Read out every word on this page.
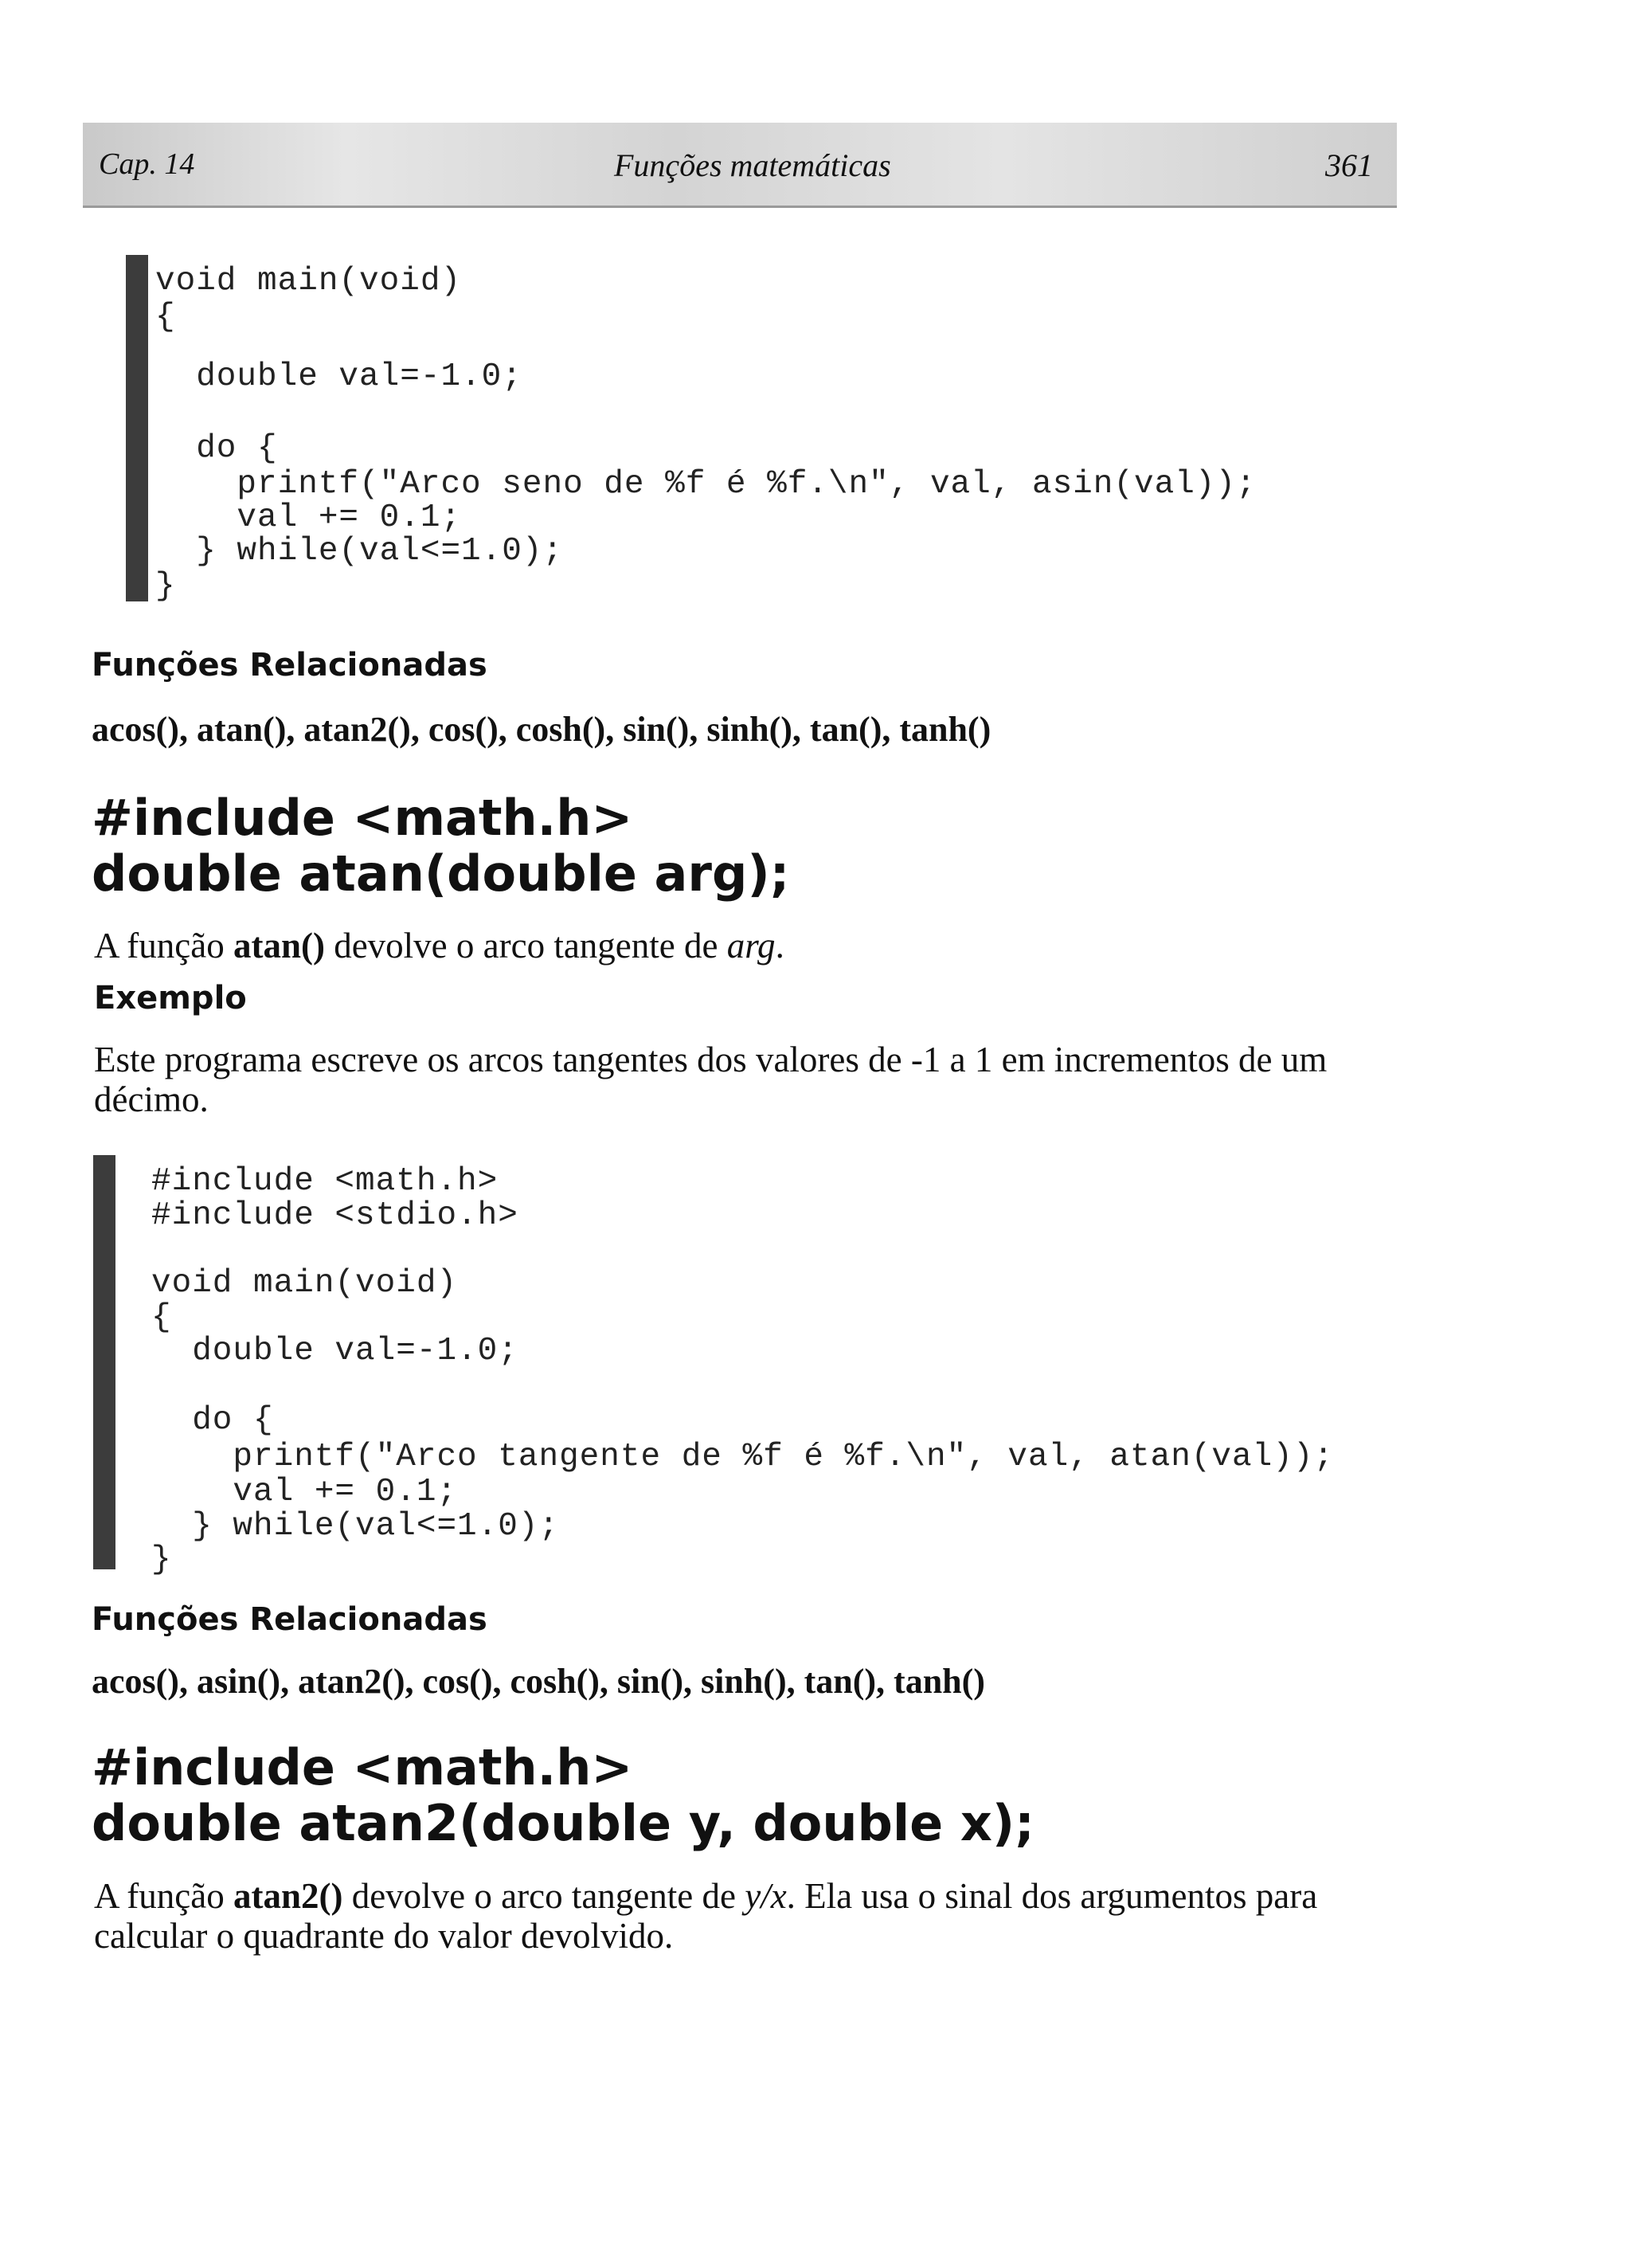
Cap. 14	Funções matemáticas	361
void main(void)
{
double val=-1.0;
do {
printf("Arco seno de %f é %f.\n", val, asin(val));
val += 0.1;
} while(val<=1.0);
}
Funções Relacionadas
acos(), atan(), atan2(), cos(), cosh(), sin(), sinh(), tan(), tanh()
#include <math.h>
double atan(double arg);
A função atan() devolve o arco tangente de arg.
Exemplo
Este programa escreve os arcos tangentes dos valores de -1 a 1 em incrementos de um décimo.
#include <math.h>
#include <stdio.h>
void main(void)
{
double val=-1.0;
do {
printf("Arco tangente de %f é %f.\n", val, atan(val));
val += 0.1;
} while(val<=1.0);
}
Funções Relacionadas
acos(), asin(), atan2(), cos(), cosh(), sin(), sinh(), tan(), tanh()
#include <math.h>
double atan2(double y, double x);
A função atan2() devolve o arco tangente de y/x. Ela usa o sinal dos argumentos para calcular o quadrante do valor devolvido.
